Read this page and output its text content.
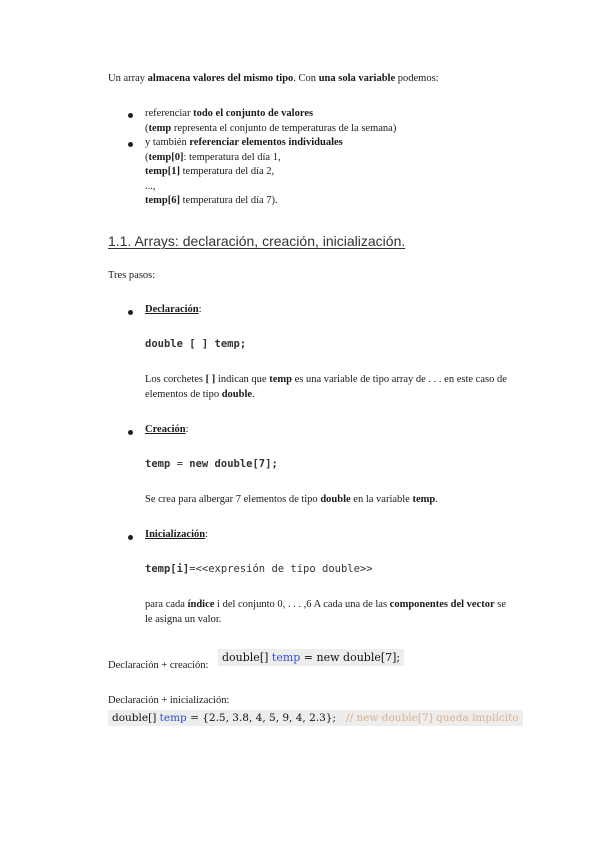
Un array almacena valores del mismo tipo. Con una sola variable podemos:
referenciar todo el conjunto de valores
(temp representa el conjunto de temperaturas de la semana)
y también referenciar elementos individuales
(temp[0]: temperatura del día 1,
temp[1] temperatura del día 2,
...,
temp[6] temperatura del día 7).
1.1. Arrays: declaración, creación, inicialización.
Tres pasos:
Declaración:
double [ ] temp;
Los corchetes [ ] indican que temp es una variable de tipo array de . . . en este caso de
elementos de tipo double.
Creación:
temp = new double[7];
Se crea para albergar 7 elementos de tipo double en la variable temp.
Inicialización:
temp[i]=<<expresión de tipo double>>
para cada índice i del conjunto 0, . . . ,6 A cada una de las componentes del vector se
le asigna un valor.
Declaración + creación:
double[] temp = new double[7];
Declaración + inicialización:
double[] temp = {2.5, 3.8, 4, 5, 9, 4, 2.3}; // new double[7] queda implícito
